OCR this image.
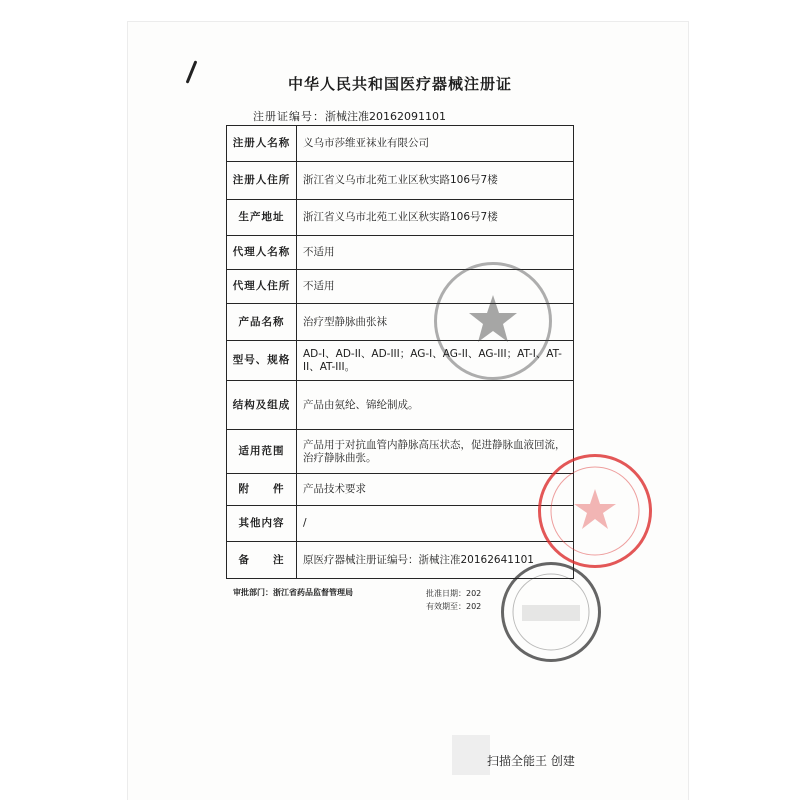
中华人民共和国医疗器械注册证
注册证编号：浙械注准20162091101
注册人名称	义乌市莎维亚袜业有限公司
注册人住所	浙江省义乌市北苑工业区秋实路106号7楼
生产地址	浙江省义乌市北苑工业区秋实路106号7楼
代理人名称	不适用
代理人住所	不适用
产品名称	治疗型静脉曲张袜
型号、规格	AD-I、AD-II、AD-III；AG-I、AG-II、AG-III；AT-I、AT-II、AT-III。
结构及组成	产品由氨纶、锦纶制成。
适用范围	产品用于对抗血管内静脉高压状态，促进静脉血液回流，治疗静脉曲张。
附　　件	产品技术要求
其他内容	/
备　　注	原医疗器械注册证编号：浙械注准20162641101
审批部门：浙江省药品监督管理局	批准日期：202
有效期至：202
扫描全能王 创建
